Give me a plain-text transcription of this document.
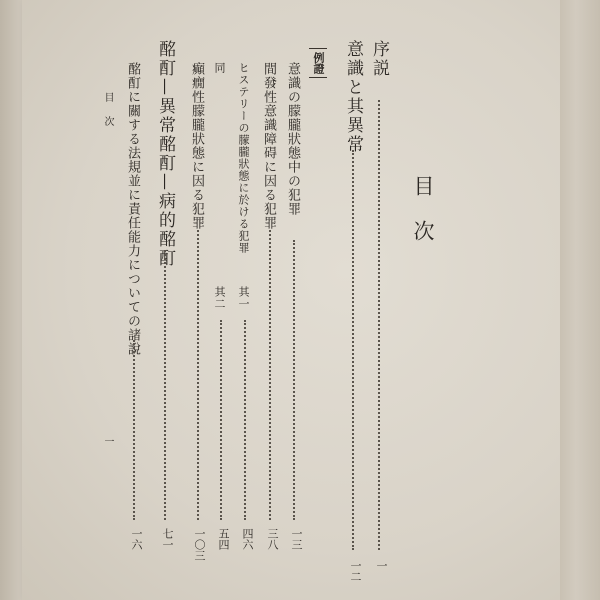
目次
序説
一
意識と其異常
一二
例證
意識の朦朧狀態中の犯罪
一三
間發性意識障碍に因る犯罪
三八
ヒステリーの朦朧狀態に於ける犯罪
其一
四六
同
其二
五四
癲癇性朦朧狀態に因る犯罪
一〇三
酩酊—異常酩酊—病的酩酊
七一
酩酊に關する法規並に責任能力についての諸說
一六
目次
一
